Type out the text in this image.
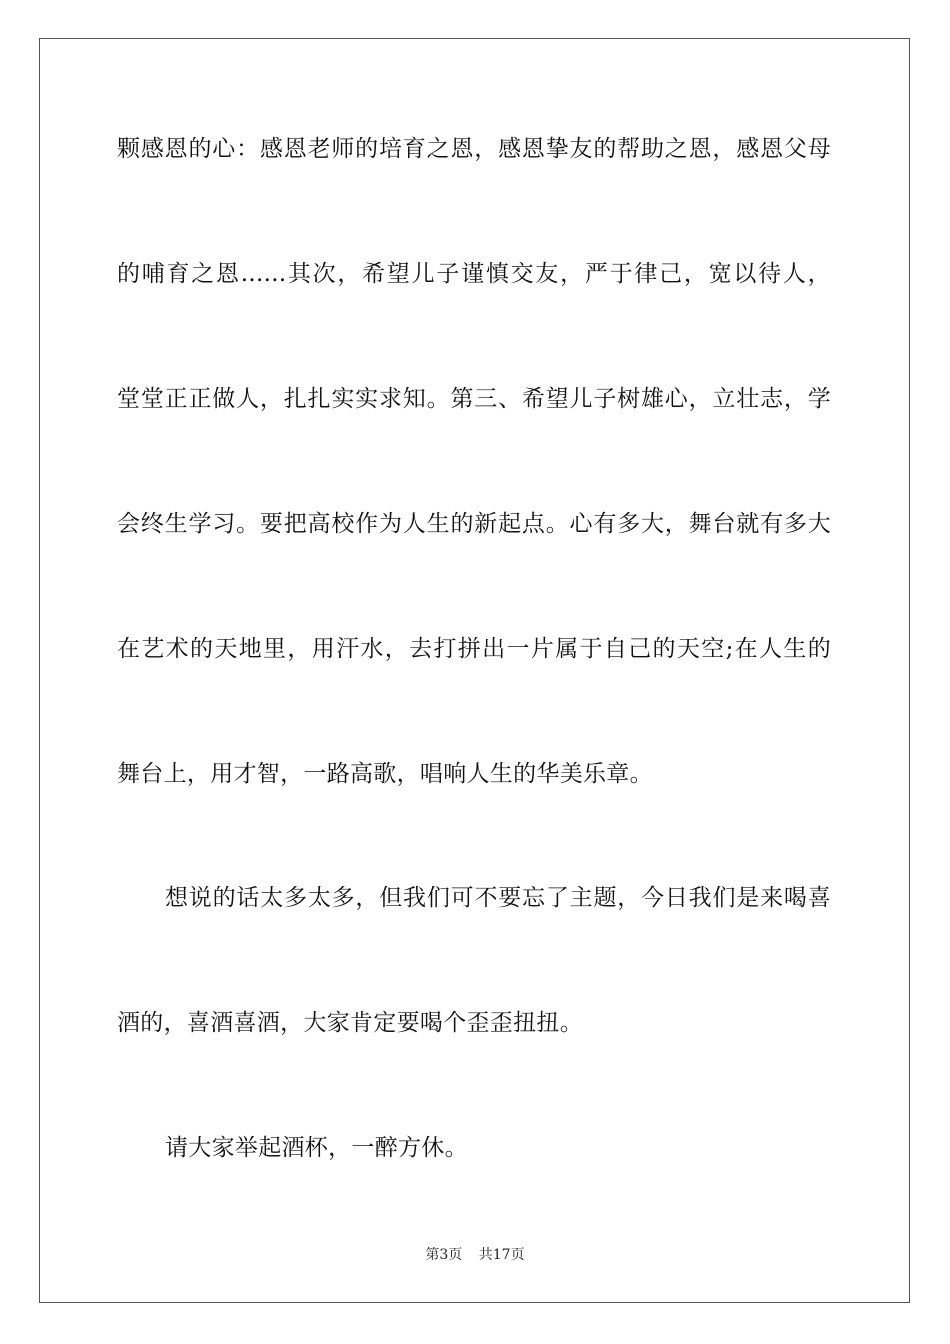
颗感恩的心：感恩老师的培育之恩，感恩挚友的帮助之恩，感恩父母
的哺育之恩......其次，希望儿子谨慎交友，严于律己，宽以待人，
堂堂正正做人，扎扎实实求知。第三、希望儿子树雄心，立壮志，学
会终生学习。要把高校作为人生的新起点。心有多大，舞台就有多大
在艺术的天地里，用汗水，去打拼出一片属于自己的天空;在人生的
舞台上，用才智，一路高歌，唱响人生的华美乐章。
想说的话太多太多，但我们可不要忘了主题，今日我们是来喝喜
酒的，喜酒喜酒，大家肯定要喝个歪歪扭扭。
请大家举起酒杯，一醉方休。
第3页 共17页
